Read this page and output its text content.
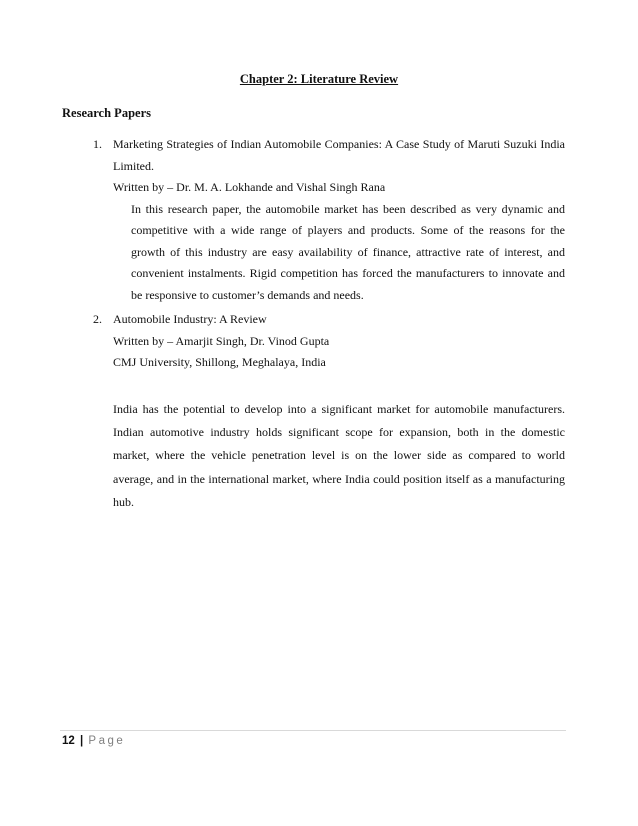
Chapter 2: Literature Review
Research Papers
1. Marketing Strategies of Indian Automobile Companies: A Case Study of Maruti Suzuki India Limited.
Written by – Dr. M. A. Lokhande and Vishal Singh Rana
In this research paper, the automobile market has been described as very dynamic and competitive with a wide range of players and products. Some of the reasons for the growth of this industry are easy availability of finance, attractive rate of interest, and convenient instalments. Rigid competition has forced the manufacturers to innovate and be responsive to customer’s demands and needs.
2. Automobile Industry: A Review
Written by – Amarjit Singh, Dr. Vinod Gupta
CMJ University, Shillong, Meghalaya, India
India has the potential to develop into a significant market for automobile manufacturers. Indian automotive industry holds significant scope for expansion, both in the domestic market, where the vehicle penetration level is on the lower side as compared to world average, and in the international market, where India could position itself as a manufacturing hub.
12 | Page
